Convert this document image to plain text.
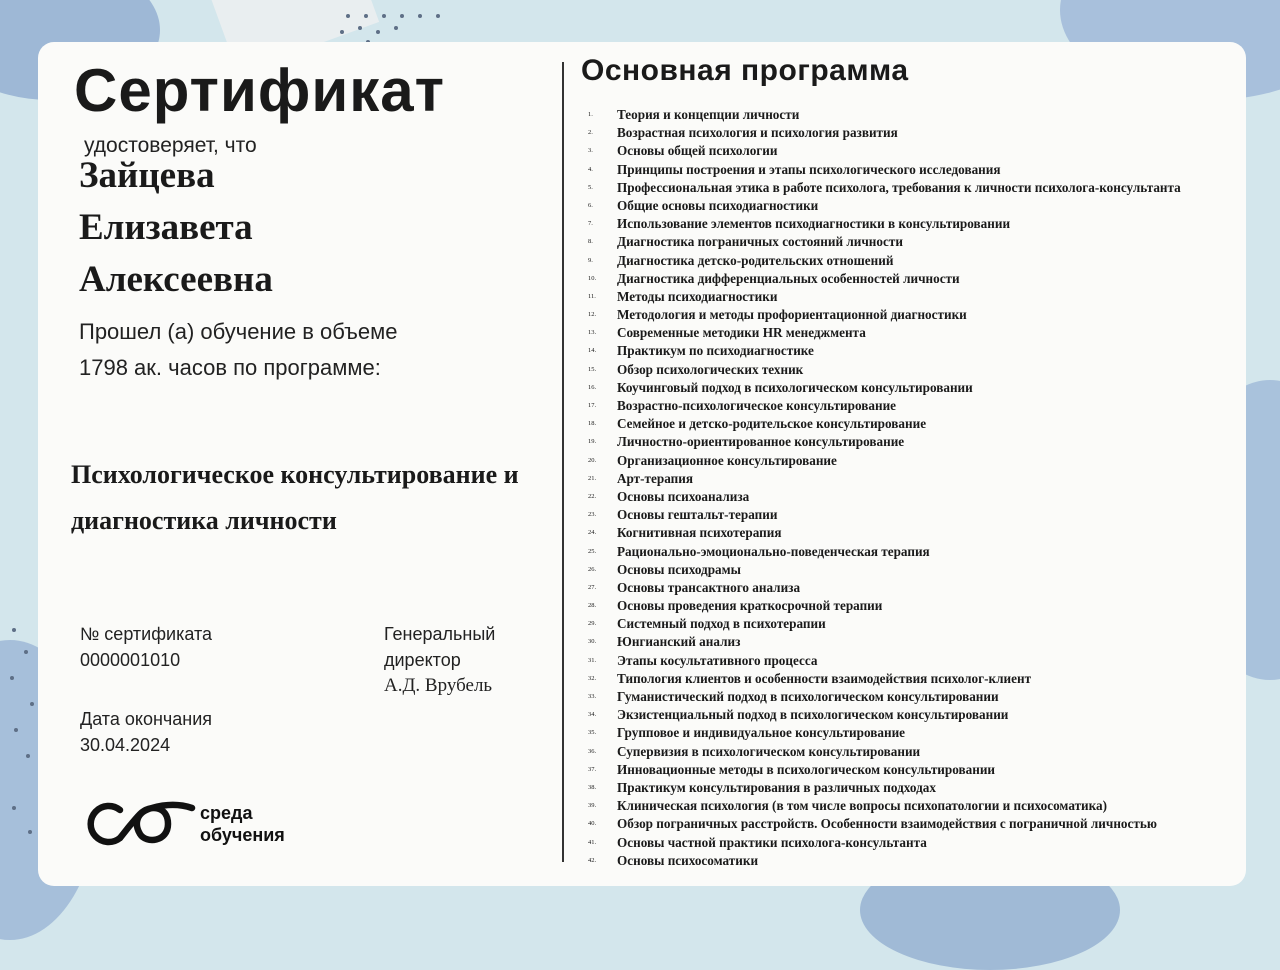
Сертификат
удостоверяет, что
Зайцева
Елизавета
Алексеевна
Прошел (а) обучение в объеме 1798 ак. часов по программе:
Психологическое консультирование и диагностика личности
№ сертификата
0000001010
Генеральный директор
А.Д. Врубель
Дата окончания
30.04.2024
среда
обучения
Основная программа
1.	Теория и концепции личности
2.	Возрастная психология и психология развития
3.	Основы общей психологии
4.	Принципы построения и этапы психологического исследования
5.	Профессиональная этика в работе психолога, требования к личности психолога-консультанта
6.	Общие основы психодиагностики
7.	Использование элементов психодиагностики в консультировании
8.	Диагностика пограничных состояний личности
9.	Диагностика детско-родительских отношений
10.	Диагностика дифференциальных особенностей личности
11.	Методы психодиагностики
12.	Методология и методы профориентационной диагностики
13.	Современные методики HR менеджмента
14.	Практикум по психодиагностике
15.	Обзор психологических техник
16.	Коучинговый подход в психологическом консультировании
17.	Возрастно-психологическое консультирование
18.	Семейное и детско-родительское консультирование
19.	Личностно-ориентированное консультирование
20.	Организационное консультирование
21.	Арт-терапия
22.	Основы психоанализа
23.	Основы гештальт-терапии
24.	Когнитивная психотерапия
25.	Рационально-эмоционально-поведенческая терапия
26.	Основы психодрамы
27.	Основы трансактного анализа
28.	Основы проведения краткосрочной терапии
29.	Системный подход в психотерапии
30.	Юнгианский анализ
31.	Этапы косультативного процесса
32.	Типология клиентов и особенности взаимодействия психолог-клиент
33.	Гуманистический подход в психологическом консультировании
34.	Экзистенциальный подход в психологическом консультировании
35.	Групповое и индивидуальное консультирование
36.	Супервизия в психологическом консультировании
37.	Инновационные методы в психологическом консультировании
38.	Практикум консультирования в различных подходах
39.	Клиническая психология (в том числе вопросы психопатологии и психосоматика)
40.	Обзор пограничных расстройств. Особенности взаимодействия с пограничной личностью
41.	Основы частной практики психолога-консультанта
42.	Основы психосоматики
